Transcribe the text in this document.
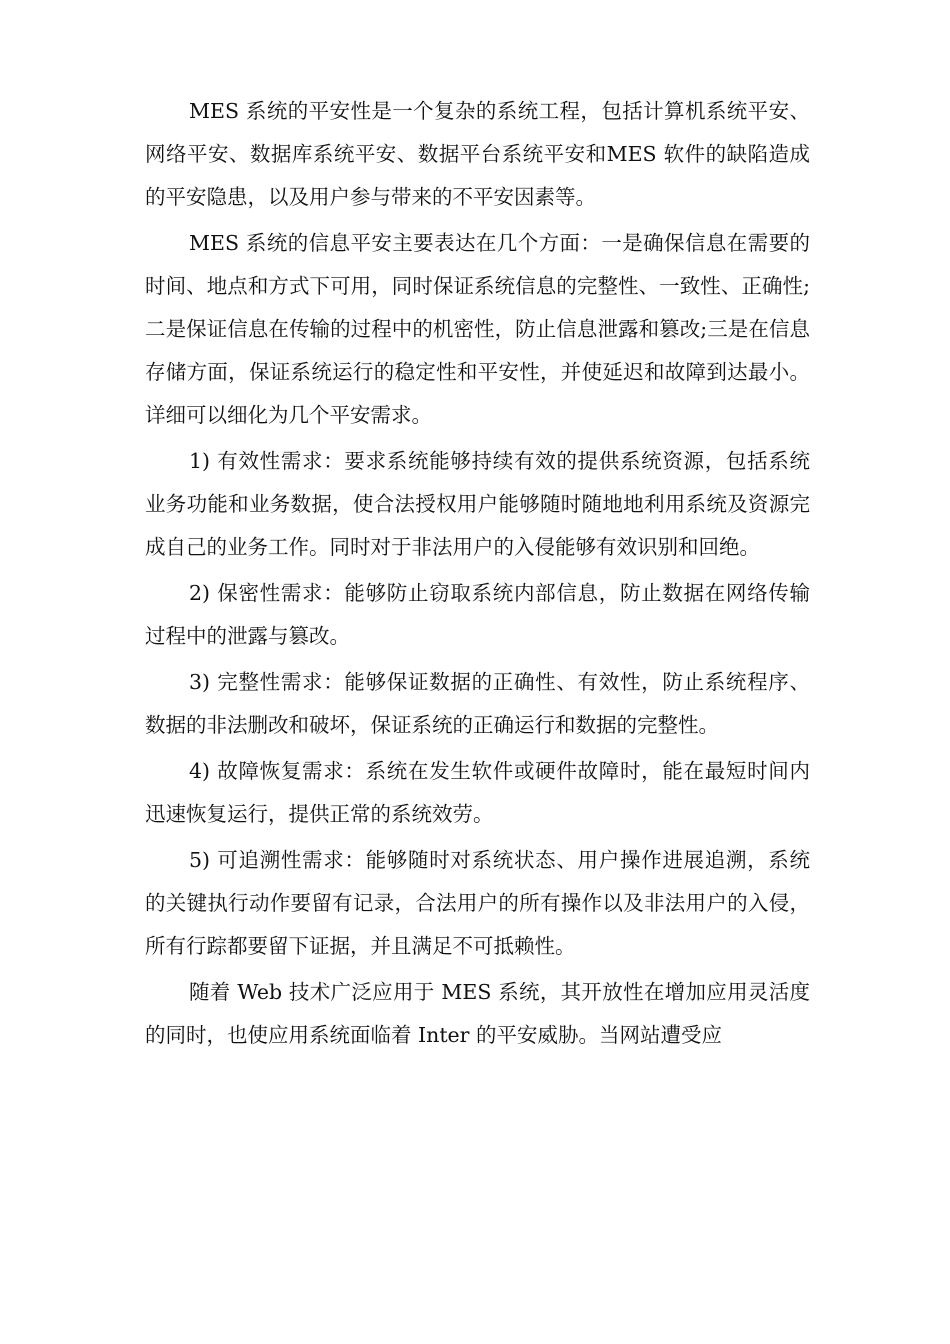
MES 系统的平安性是一个复杂的系统工程，包括计算机系统平安、网络平安、数据库系统平安、数据平台系统平安和MES 软件的缺陷造成的平安隐患，以及用户参与带来的不平安因素等。

MES 系统的信息平安主要表达在几个方面：一是确保信息在需要的时间、地点和方式下可用，同时保证系统信息的完整性、一致性、正确性;二是保证信息在传输的过程中的机密性，防止信息泄露和篡改;三是在信息存储方面，保证系统运行的稳定性和平安性，并使延迟和故障到达最小。详细可以细化为几个平安需求。

1) 有效性需求：要求系统能够持续有效的提供系统资源，包括系统业务功能和业务数据，使合法授权用户能够随时随地地利用系统及资源完成自己的业务工作。同时对于非法用户的入侵能够有效识别和回绝。

2) 保密性需求：能够防止窃取系统内部信息，防止数据在网络传输过程中的泄露与篡改。

3) 完整性需求：能够保证数据的正确性、有效性，防止系统程序、数据的非法删改和破坏，保证系统的正确运行和数据的完整性。

4) 故障恢复需求：系统在发生软件或硬件故障时，能在最短时间内迅速恢复运行，提供正常的系统效劳。

5) 可追溯性需求：能够随时对系统状态、用户操作进展追溯，系统的关键执行动作要留有记录，合法用户的所有操作以及非法用户的入侵，所有行踪都要留下证据，并且满足不可抵赖性。

随着 Web 技术广泛应用于 MES 系统，其开放性在增加应用灵活度的同时，也使应用系统面临着 Inter 的平安威胁。当网站遭受应
